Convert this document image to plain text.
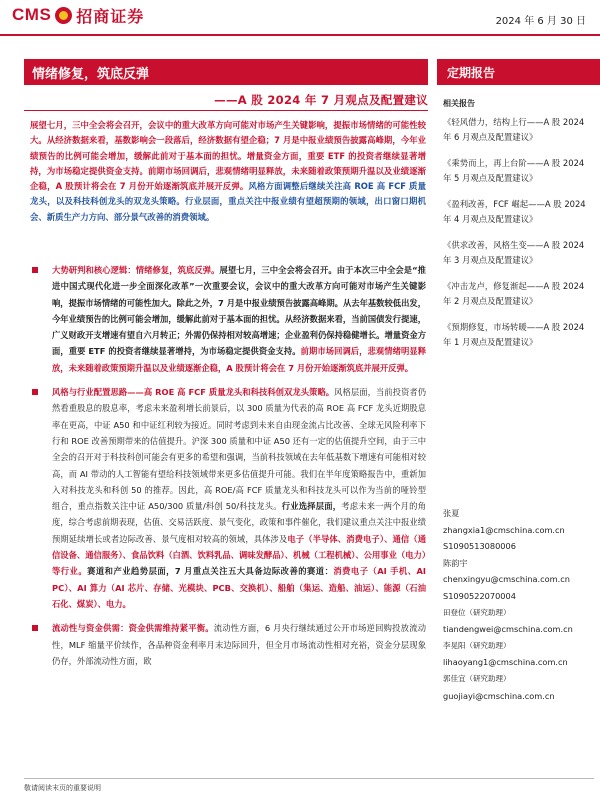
CMS 招商证券	2024 年 6 月 30 日
情绪修复，筑底反弹
——A 股 2024 年 7 月观点及配置建议
定期报告
展望七月，三中全会将会召开，会议中的重大改革方向可能对市场产生关键影响，提振市场情绪的可能性较大。从经济数据来看，基数影响会一段落后，经济数据有望企稳；7 月是中报业绩预告披露高峰期，今年业绩预告的比例可能会增加，缓解此前对于基本面的担忧。增量资金方面，重要 ETF 的投资者继续显著增持，为市场稳定提供资金支持。前期市场回调后，悲观情绪明显释放，未来随着政策预期升温以及业绩逐渐企稳，A 股预计将会在 7 月份开始逐渐筑底并展开反弹。风格方面调整后继续关注高 ROE 高 FCF 质量龙头，以及科技科创龙头的双龙头策略。行业层面，重点关注中报业绩有望超预期的领域，出口窗口期机会、新质生产力方向、部分景气改善的消费领域。
大势研判和核心逻辑：情绪修复，筑底反弹。展望七月，三中全会将会召开。由于本次三中全会是“推进中国式现代化进一步全面深化改革”一次重要会议，会议中的重大改革方向可能对市场产生关键影响，提振市场情绪的可能性加大。除此之外，7 月是中报业绩预告披露高峰期。从去年基数较低出发，今年业绩预告的比例可能会增加，缓解此前对于基本面的担忧。从经济数据来看，当前国债发行提速，广义财政开支增速有望自六月转正；外需仍保持相对较高增速；企业盈利仍保持稳健增长。增量资金方面，重要 ETF 的投资者继续显著增持，为市场稳定提供资金支持。前期市场回调后，悲观情绪明显释放，未来随着政策预期升温以及业绩逐渐企稳，A 股预计将会在 7 月份开始逐渐筑底并展开反弹。
风格与行业配置思路——高 ROE 高 FCF 质量龙头和科技科创双龙头策略。风格层面，当前投资者仍然看重股息的股息率，考虑未来盈利增长前景后，以 300 质量为代表的高 ROE 高 FCF 龙头近期股息率在更高，中证 A50 和中证红利较为接近。同时考虑到未来自由现金流占比改善、全球无风险利率下行和 ROE 改善预期带来的估值提升。沪深 300 质量和中证 A50 还有一定的估值提升空间，由于三中全会的召开对于科技科创可能会有更多的希望和强调，当前科技领域在去年低基数下增速有可能相对较高，而 AI 带动的人工智能有望给科技领域带来更多估值提升可能。我们在半年度策略报告中，重新加入对科技龙头和科创 50 的推荐。因此，高 ROE/高 FCF 质量龙头和科技龙头可以作为当前的哑铃型组合，重点指数关注中证 A50/300 质量/科创 50/科技龙头。行业选择层面，考虑未来一两个月的角度，综合考虑前期表现，估值、交易活跃度、景气变化，政策和事件催化，我们建议重点关注中报业绩预期延续增长或者边际改善、景气度相对较高的领域，具体涉及电子（半导体、消费电子）、通信（通信设备、通信服务）、食品饮料（白酒、饮料乳品、调味发酵品）、机械（工程机械）、公用事业（电力）等行业。赛道和产业趋势层面，7 月重点关注五大具备边际改善的赛道：消费电子（AI 手机、AI PC）、AI 算力（AI 芯片、存储、光模块、PCB、交换机）、船舶（集运、造船、油运）、能源（石油石化、煤炭）、电力。
流动性与资金供需：资金供需维持紧平衡。流动性方面，6 月央行继续通过公开市场逆回购投放流动性，MLF 缩量平价续作，各品种资金利率月末边际回升，但全月市场流动性相对充裕，资金分层现象仍存，外部流动性方面，欧
相关报告
《轻风借力，结构上行——A 股 2024 年 6 月观点及配置建议》
《乘势而上，再上台阶——A 股 2024 年 5 月观点及配置建议》
《盈利改善，FCF 崛起——A 股 2024 年 4 月观点及配置建议》
《供求改善，风格生变——A 股 2024 年 3 月观点及配置建议》
《冲击龙卢，修复渐起——A 股 2024 年 2 月观点及配置建议》
《预期修复，市场转暖——A 股 2024 年 1 月观点及配置建议》
张夏
zhangxia1@cmschina.com.cn
S1090513080006
陈韵宇
chenxingyu@cmschina.com.cn
S1090522070004
田登位（研究助理）
tiandengwei@cmschina.com.cn
李晃阳（研究助理）
lihaoyang1@cmschina.com.cn
郭佳宜（研究助理）
guojiayi@cmschina.com.cn
敬请阅读末页的重要说明
